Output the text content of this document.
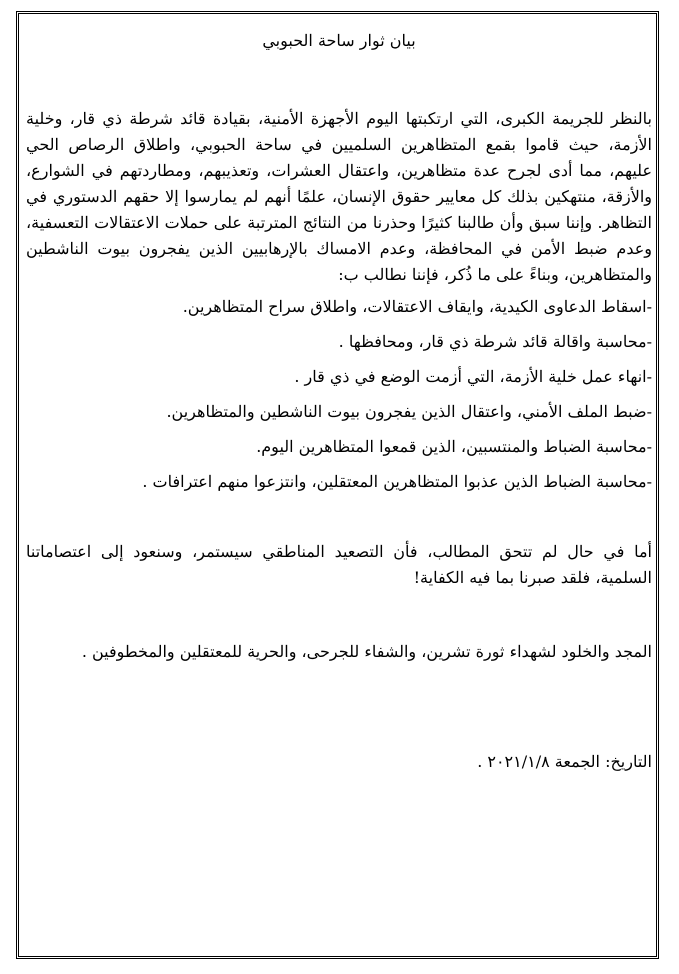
بيان ثوار ساحة الحبوبي

بالنظر للجريمة الكبرى، التي ارتكبتها اليوم الأجهزة الأمنية، بقيادة قائد شرطة ذي قار، وخلية الأزمة، حيث قاموا بقمع المتظاهرين السلميين في ساحة الحبوبي، واطلاق الرصاص الحي عليهم، مما أدى لجرح عدة متظاهرين، واعتقال العشرات، وتعذيبهم، ومطاردتهم في الشوارع، والأزقة، منتهكين بذلك كل معايير حقوق الإنسان، علمًا أنهم لم يمارسوا إلا حقهم الدستوري في التظاهر. وإننا سبق وأن طالبنا كثيرًا وحذرنا من النتائج المترتبة على حملات الاعتقالات التعسفية، وعدم ضبط الأمن في المحافظة، وعدم الامساك بالإرهابيين الذين يفجرون بيوت الناشطين والمتظاهرين، وبناءً على ما ذُكر، فإننا نطالب ب:

-اسقاط الدعاوى الكيدية، وايقاف الاعتقالات، واطلاق سراح المتظاهرين.

-محاسبة واقالة قائد شرطة ذي قار، ومحافظها .

-انهاء عمل خلية الأزمة، التي أزمت الوضع في ذي قار .

-ضبط الملف الأمني، واعتقال الذين يفجرون بيوت الناشطين والمتظاهرين.

-محاسبة الضباط والمنتسبين، الذين قمعوا المتظاهرين اليوم.

-محاسبة الضباط الذين عذبوا المتظاهرين المعتقلين، وانتزعوا منهم اعترافات .

أما في حال لم تتحق المطالب، فأن التصعيد المناطقي سيستمر، وسنعود إلى اعتصاماتنا السلمية، فلقد صبرنا بما فيه الكفاية!

المجد والخلود لشهداء ثورة تشرين، والشفاء للجرحى، والحرية للمعتقلين والمخطوفين .

التاريخ: الجمعة ٢٠٢١/١/٨ .
